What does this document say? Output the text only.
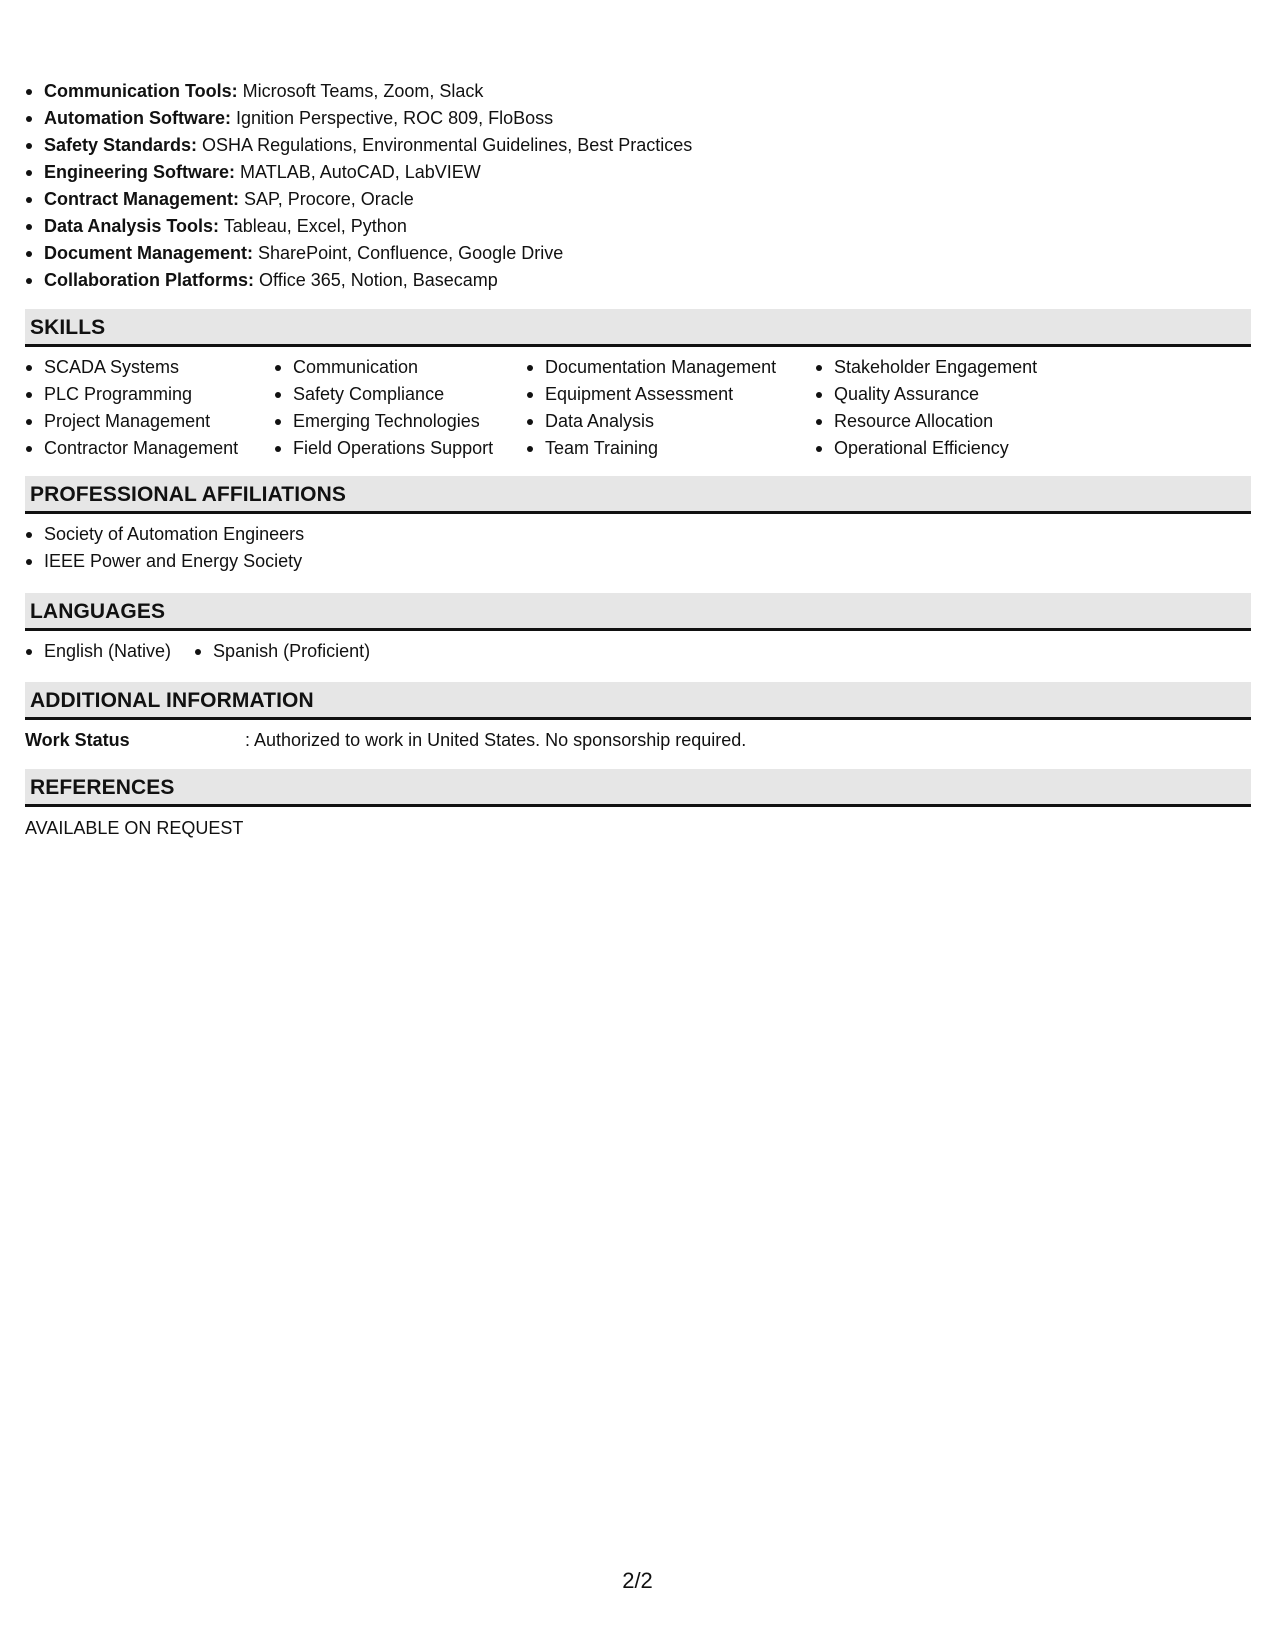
Communication Tools: Microsoft Teams, Zoom, Slack
Automation Software: Ignition Perspective, ROC 809, FloBoss
Safety Standards: OSHA Regulations, Environmental Guidelines, Best Practices
Engineering Software: MATLAB, AutoCAD, LabVIEW
Contract Management: SAP, Procore, Oracle
Data Analysis Tools: Tableau, Excel, Python
Document Management: SharePoint, Confluence, Google Drive
Collaboration Platforms: Office 365, Notion, Basecamp
SKILLS
SCADA Systems
PLC Programming
Project Management
Contractor Management
Communication
Safety Compliance
Emerging Technologies
Field Operations Support
Documentation Management
Equipment Assessment
Data Analysis
Team Training
Stakeholder Engagement
Quality Assurance
Resource Allocation
Operational Efficiency
PROFESSIONAL AFFILIATIONS
Society of Automation Engineers
IEEE Power and Energy Society
LANGUAGES
English (Native)	Spanish (Proficient)
ADDITIONAL INFORMATION
Work Status	: Authorized to work in United States. No sponsorship required.
REFERENCES
AVAILABLE ON REQUEST
2/2
